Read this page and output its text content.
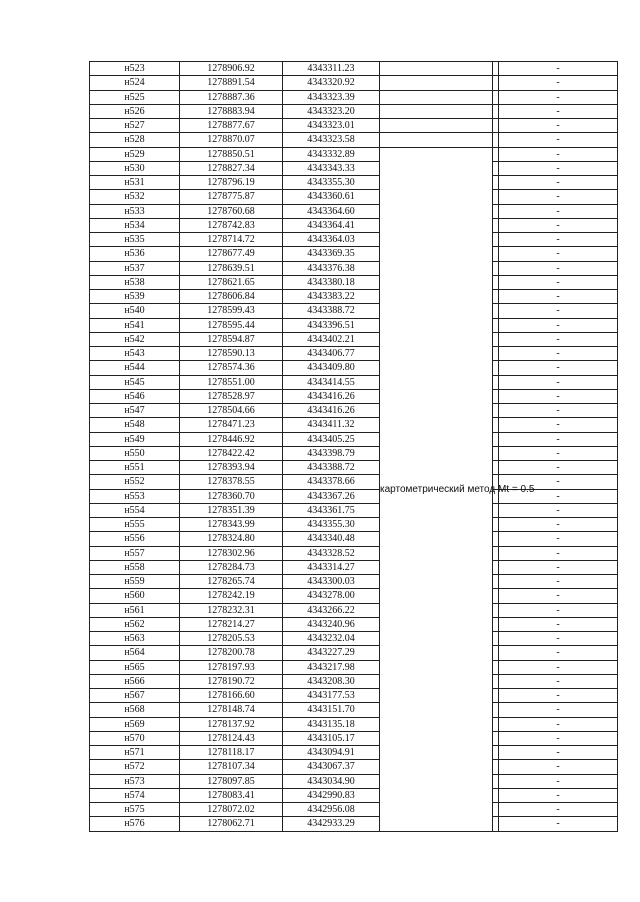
н523	1278906.92	4343311.23			-
н524	1278891.54	4343320.92			-
н525	1278887.36	4343323.39			-
н526	1278883.94	4343323.20			-
н527	1278877.67	4343323.01			-
н528	1278870.07	4343323.58			-
н529	1278850.51	4343332.89	картометрический метод Mt = 0.5		-
н530	1278827.34	4343343.33			-
н531	1278796.19	4343355.30			-
н532	1278775.87	4343360.61			-
н533	1278760.68	4343364.60			-
н534	1278742.83	4343364.41			-
н535	1278714.72	4343364.03			-
н536	1278677.49	4343369.35			-
н537	1278639.51	4343376.38			-
н538	1278621.65	4343380.18			-
н539	1278606.84	4343383.22			-
н540	1278599.43	4343388.72			-
н541	1278595.44	4343396.51			-
н542	1278594.87	4343402.21			-
н543	1278590.13	4343406.77			-
н544	1278574.36	4343409.80			-
н545	1278551.00	4343414.55			-
н546	1278528.97	4343416.26			-
н547	1278504.66	4343416.26			-
н548	1278471.23	4343411.32			-
н549	1278446.92	4343405.25			-
н550	1278422.42	4343398.79			-
н551	1278393.94	4343388.72			-
н552	1278378.55	4343378.66			-
н553	1278360.70	4343367.26			-
н554	1278351.39	4343361.75			-
н555	1278343.99	4343355.30			-
н556	1278324.80	4343340.48			-
н557	1278302.96	4343328.52			-
н558	1278284.73	4343314.27			-
н559	1278265.74	4343300.03			-
н560	1278242.19	4343278.00			-
н561	1278232.31	4343266.22			-
н562	1278214.27	4343240.96			-
н563	1278205.53	4343232.04			-
н564	1278200.78	4343227.29			-
н565	1278197.93	4343217.98			-
н566	1278190.72	4343208.30			-
н567	1278166.60	4343177.53			-
н568	1278148.74	4343151.70			-
н569	1278137.92	4343135.18			-
н570	1278124.43	4343105.17			-
н571	1278118.17	4343094.91			-
н572	1278107.34	4343067.37			-
н573	1278097.85	4343034.90			-
н574	1278083.41	4342990.83			-
н575	1278072.02	4342956.08			-
н576	1278062.71	4342933.29			-
